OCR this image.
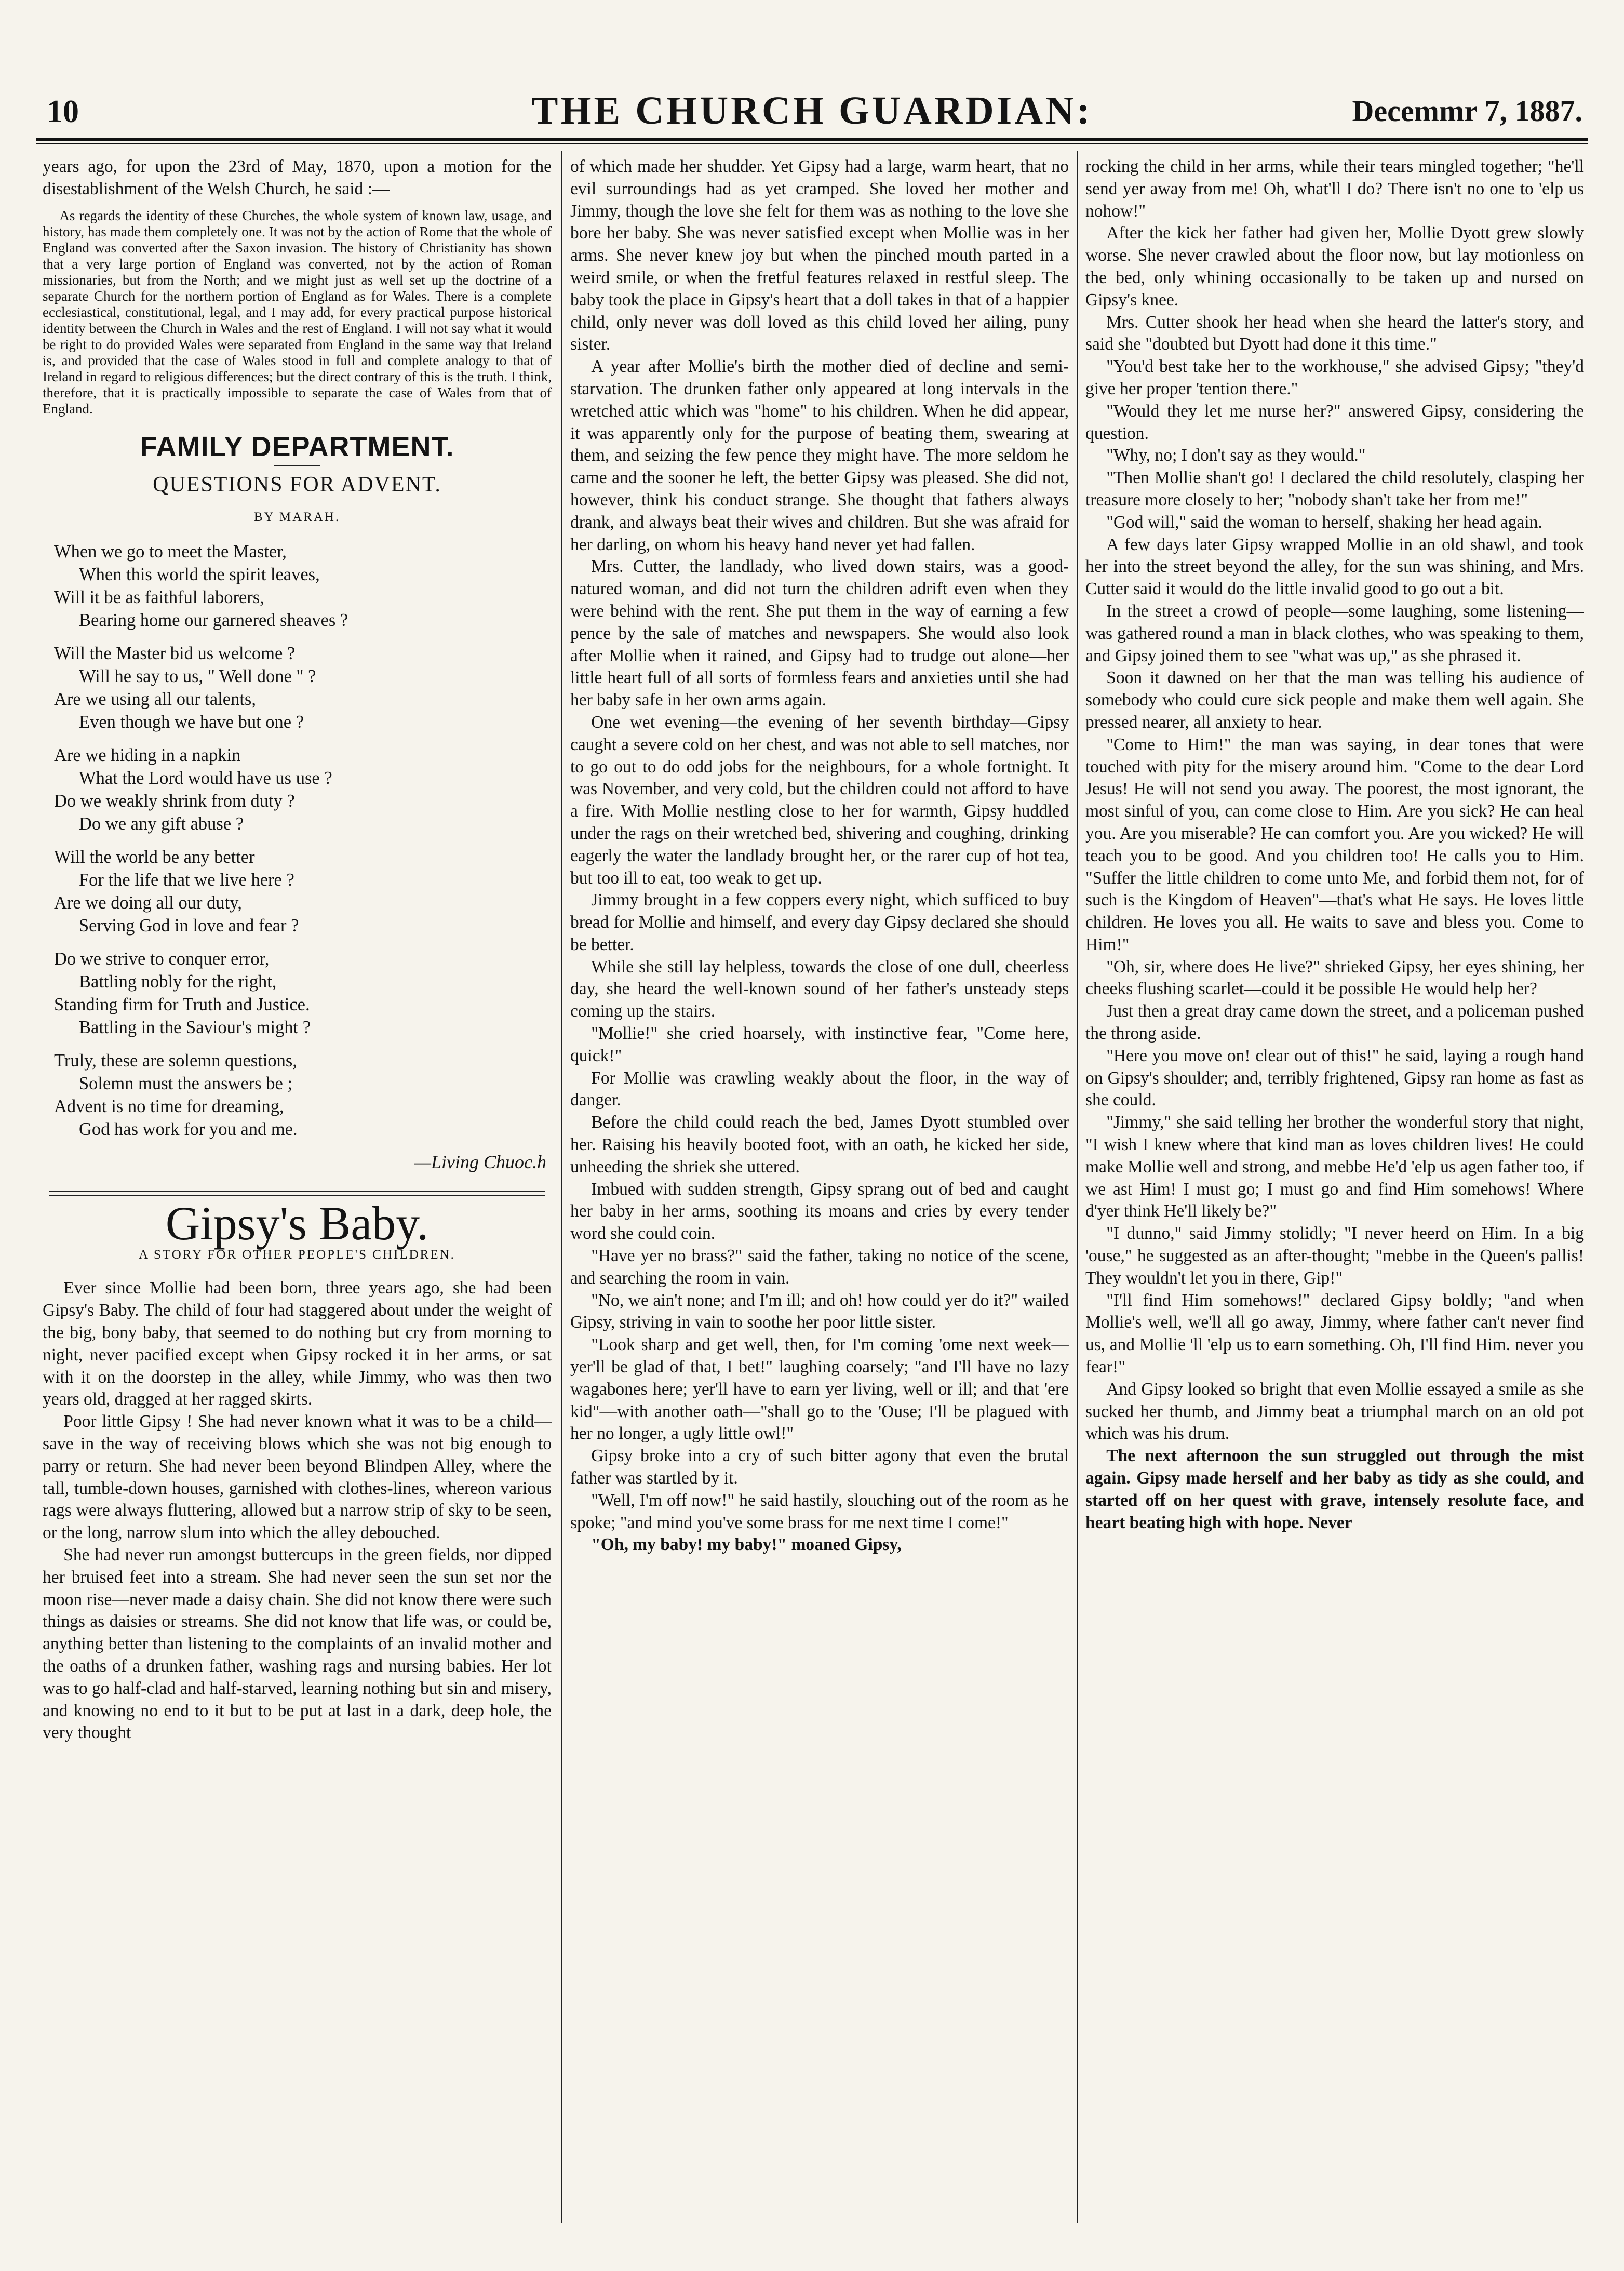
10	THE CHURCH GUARDIAN:	Decemmr 7, 1887.

years ago, for upon the 23rd of May, 1870, upon a motion for the disestablishment of the Welsh Church, he said :—

As regards the identity of these Churches, the whole system of known law, usage, and history, has made them completely one. It was not by the action of Rome that the whole of England was converted after the Saxon invasion. The history of Christianity has shown that a very large portion of England was converted, not by the action of Roman missionaries, but from the North; and we might just as well set up the doctrine of a separate Church for the northern portion of England as for Wales. There is a complete ecclesiastical, constitutional, legal, and I may add, for every practical purpose historical identity between the Church in Wales and the rest of England. I will not say what it would be right to do provided Wales were separated from England in the same way that Ireland is, and provided that the case of Wales stood in full and complete analogy to that of Ireland in regard to religious differences; but the direct contrary of this is the truth. I think, therefore, that it is practically impossible to separate the case of Wales from that of England.

FAMILY DEPARTMENT.
QUESTIONS FOR ADVENT.
BY MARAH.
When we go to meet the Master,
When this world the spirit leaves,
Will it be as faithful laborers,
Bearing home our garnered sheaves ?
Will the Master bid us welcome ?
Will he say to us, " Well done " ?
Are we using all our talents,
Even though we have but one ?
Are we hiding in a napkin
What the Lord would have us use ?
Do we weakly shrink from duty ?
Do we any gift abuse ?
Will the world be any better
For the life that we live here ?
Are we doing all our duty,
Serving God in love and fear ?
Do we strive to conquer error,
Battling nobly for the right,
Standing firm for Truth and Justice.
Battling in the Saviour's might ?
Truly, these are solemn questions,
Solemn must the answers be ;
Advent is no time for dreaming,
God has work for you and me.
—Living Chuoc.h
Gipsy's Baby.
A STORY FOR OTHER PEOPLE'S CHILDREN.

Ever since Mollie had been born, three years ago, she had been Gipsy's Baby. The child of four had staggered about under the weight of the big, bony baby, that seemed to do nothing but cry from morning to night, never pacified except when Gipsy rocked it in her arms, or sat with it on the doorstep in the alley, while Jimmy, who was then two years old, dragged at her ragged skirts.

Poor little Gipsy ! She had never known what it was to be a child—save in the way of receiving blows which she was not big enough to parry or return. She had never been beyond Blindpen Alley, where the tall, tumble-down houses, garnished with clothes-lines, whereon various rags were always fluttering, allowed but a narrow strip of sky to be seen, or the long, narrow slum into which the alley debouched.

She had never run amongst buttercups in the green fields, nor dipped her bruised feet into a stream. She had never seen the sun set nor the moon rise—never made a daisy chain. She did not know there were such things as daisies or streams. She did not know that life was, or could be, anything better than listening to the complaints of an invalid mother and the oaths of a drunken father, washing rags and nursing babies. Her lot was to go half-clad and half-starved, learning nothing but sin and misery, and knowing no end to it but to be put at last in a dark, deep hole, the very thought

of which made her shudder. Yet Gipsy had a large, warm heart, that no evil surroundings had as yet cramped. She loved her mother and Jimmy, though the love she felt for them was as nothing to the love she bore her baby. She was never satisfied except when Mollie was in her arms. She never knew joy but when the pinched mouth parted in a weird smile, or when the fretful features relaxed in restful sleep. The baby took the place in Gipsy's heart that a doll takes in that of a happier child, only never was doll loved as this child loved her ailing, puny sister.

A year after Mollie's birth the mother died of decline and semi-starvation. The drunken father only appeared at long intervals in the wretched attic which was "home" to his children. When he did appear, it was apparently only for the purpose of beating them, swearing at them, and seizing the few pence they might have. The more seldom he came and the sooner he left, the better Gipsy was pleased. She did not, however, think his conduct strange. She thought that fathers always drank, and always beat their wives and children. But she was afraid for her darling, on whom his heavy hand never yet had fallen.

Mrs. Cutter, the landlady, who lived down stairs, was a good-natured woman, and did not turn the children adrift even when they were behind with the rent. She put them in the way of earning a few pence by the sale of matches and newspapers. She would also look after Mollie when it rained, and Gipsy had to trudge out alone—her little heart full of all sorts of formless fears and anxieties until she had her baby safe in her own arms again.

One wet evening—the evening of her seventh birthday—Gipsy caught a severe cold on her chest, and was not able to sell matches, nor to go out to do odd jobs for the neighbours, for a whole fortnight. It was November, and very cold, but the children could not afford to have a fire. With Mollie nestling close to her for warmth, Gipsy huddled under the rags on their wretched bed, shivering and coughing, drinking eagerly the water the landlady brought her, or the rarer cup of hot tea, but too ill to eat, too weak to get up.

Jimmy brought in a few coppers every night, which sufficed to buy bread for Mollie and himself, and every day Gipsy declared she should be better.

While she still lay helpless, towards the close of one dull, cheerless day, she heard the well-known sound of her father's unsteady steps coming up the stairs.

"Mollie!" she cried hoarsely, with instinctive fear, "Come here, quick!"

For Mollie was crawling weakly about the floor, in the way of danger.

Before the child could reach the bed, James Dyott stumbled over her. Raising his heavily booted foot, with an oath, he kicked her side, unheeding the shriek she uttered.

Imbued with sudden strength, Gipsy sprang out of bed and caught her baby in her arms, soothing its moans and cries by every tender word she could coin.

"Have yer no brass?" said the father, taking no notice of the scene, and searching the room in vain.

"No, we ain't none; and I'm ill; and oh! how could yer do it?" wailed Gipsy, striving in vain to soothe her poor little sister.

"Look sharp and get well, then, for I'm coming 'ome next week—yer'll be glad of that, I bet!" laughing coarsely; "and I'll have no lazy wagabones here; yer'll have to earn yer living, well or ill; and that 'ere kid"—with another oath—"shall go to the 'Ouse; I'll be plagued with her no longer, a ugly little owl!"

Gipsy broke into a cry of such bitter agony that even the brutal father was startled by it.

"Well, I'm off now!" he said hastily, slouching out of the room as he spoke; "and mind you've some brass for me next time I come!"

"Oh, my baby! my baby!" moaned Gipsy,

rocking the child in her arms, while their tears mingled together; "he'll send yer away from me! Oh, what'll I do? There isn't no one to 'elp us nohow!"

After the kick her father had given her, Mollie Dyott grew slowly worse. She never crawled about the floor now, but lay motionless on the bed, only whining occasionally to be taken up and nursed on Gipsy's knee.

Mrs. Cutter shook her head when she heard the latter's story, and said she "doubted but Dyott had done it this time."

"You'd best take her to the workhouse," she advised Gipsy; "they'd give her proper 'tention there."

"Would they let me nurse her?" answered Gipsy, considering the question.

"Why, no; I don't say as they would."

"Then Mollie shan't go! I declared the child resolutely, clasping her treasure more closely to her; "nobody shan't take her from me!"

"God will," said the woman to herself, shaking her head again.

A few days later Gipsy wrapped Mollie in an old shawl, and took her into the street beyond the alley, for the sun was shining, and Mrs. Cutter said it would do the little invalid good to go out a bit.

In the street a crowd of people—some laughing, some listening—was gathered round a man in black clothes, who was speaking to them, and Gipsy joined them to see "what was up," as she phrased it.

Soon it dawned on her that the man was telling his audience of somebody who could cure sick people and make them well again. She pressed nearer, all anxiety to hear.

"Come to Him!" the man was saying, in dear tones that were touched with pity for the misery around him. "Come to the dear Lord Jesus! He will not send you away. The poorest, the most ignorant, the most sinful of you, can come close to Him. Are you sick? He can heal you. Are you miserable? He can comfort you. Are you wicked? He will teach you to be good. And you children too! He calls you to Him. "Suffer the little children to come unto Me, and forbid them not, for of such is the Kingdom of Heaven"—that's what He says. He loves little children. He loves you all. He waits to save and bless you. Come to Him!"

"Oh, sir, where does He live?" shrieked Gipsy, her eyes shining, her cheeks flushing scarlet—could it be possible He would help her?

Just then a great dray came down the street, and a policeman pushed the throng aside.

"Here you move on! clear out of this!" he said, laying a rough hand on Gipsy's shoulder; and, terribly frightened, Gipsy ran home as fast as she could.

"Jimmy," she said telling her brother the wonderful story that night, "I wish I knew where that kind man as loves children lives! He could make Mollie well and strong, and mebbe He'd 'elp us agen father too, if we ast Him! I must go; I must go and find Him somehows! Where d'yer think He'll likely be?"

"I dunno," said Jimmy stolidly; "I never heerd on Him. In a big 'ouse," he suggested as an after-thought; "mebbe in the Queen's pallis! They wouldn't let you in there, Gip!"

"I'll find Him somehows!" declared Gipsy boldly; "and when Mollie's well, we'll all go away, Jimmy, where father can't never find us, and Mollie 'll 'elp us to earn something. Oh, I'll find Him. never you fear!"

And Gipsy looked so bright that even Mollie essayed a smile as she sucked her thumb, and Jimmy beat a triumphal march on an old pot which was his drum.

The next afternoon the sun struggled out through the mist again. Gipsy made herself and her baby as tidy as she could, and started off on her quest with grave, intensely resolute face, and heart beating high with hope. Never
